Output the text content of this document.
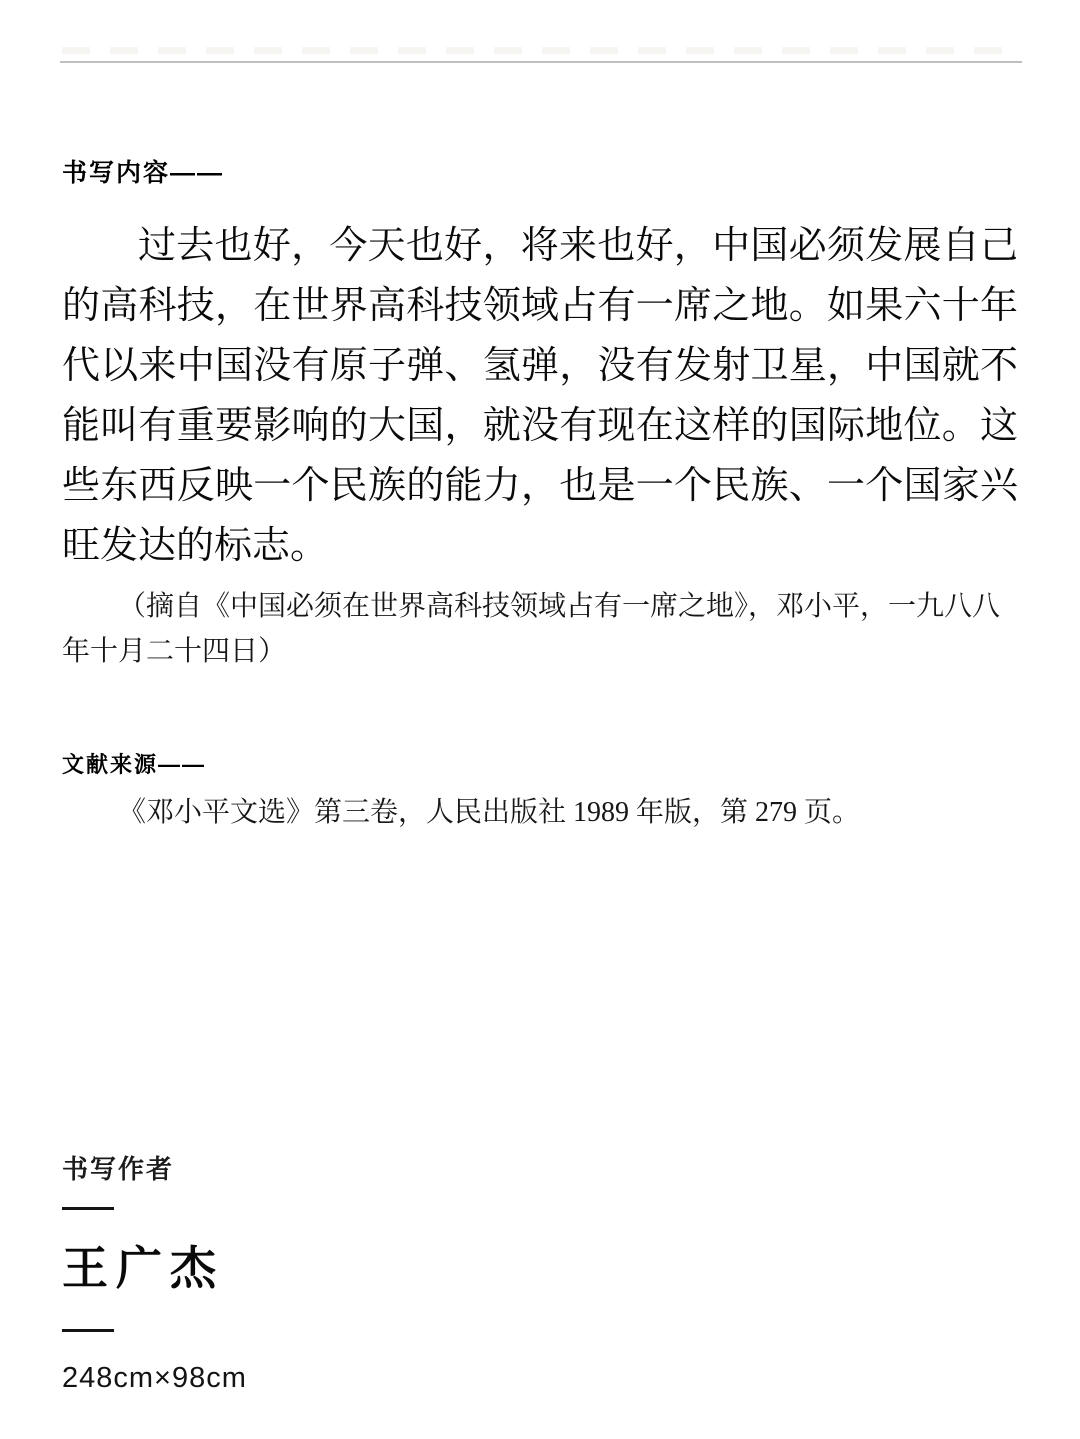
书写内容——

过去也好，今天也好，将来也好，中国必须发展自己的高科技，在世界高科技领域占有一席之地。如果六十年代以来中国没有原子弹、氢弹，没有发射卫星，中国就不能叫有重要影响的大国，就没有现在这样的国际地位。这些东西反映一个民族的能力，也是一个民族、一个国家兴旺发达的标志。

（摘自《中国必须在世界高科技领域占有一席之地》，邓小平，一九八八年十月二十四日）

文献来源——

《邓小平文选》第三卷，人民出版社 1989 年版，第 279 页。

书写作者
王广杰
248cm×98cm
